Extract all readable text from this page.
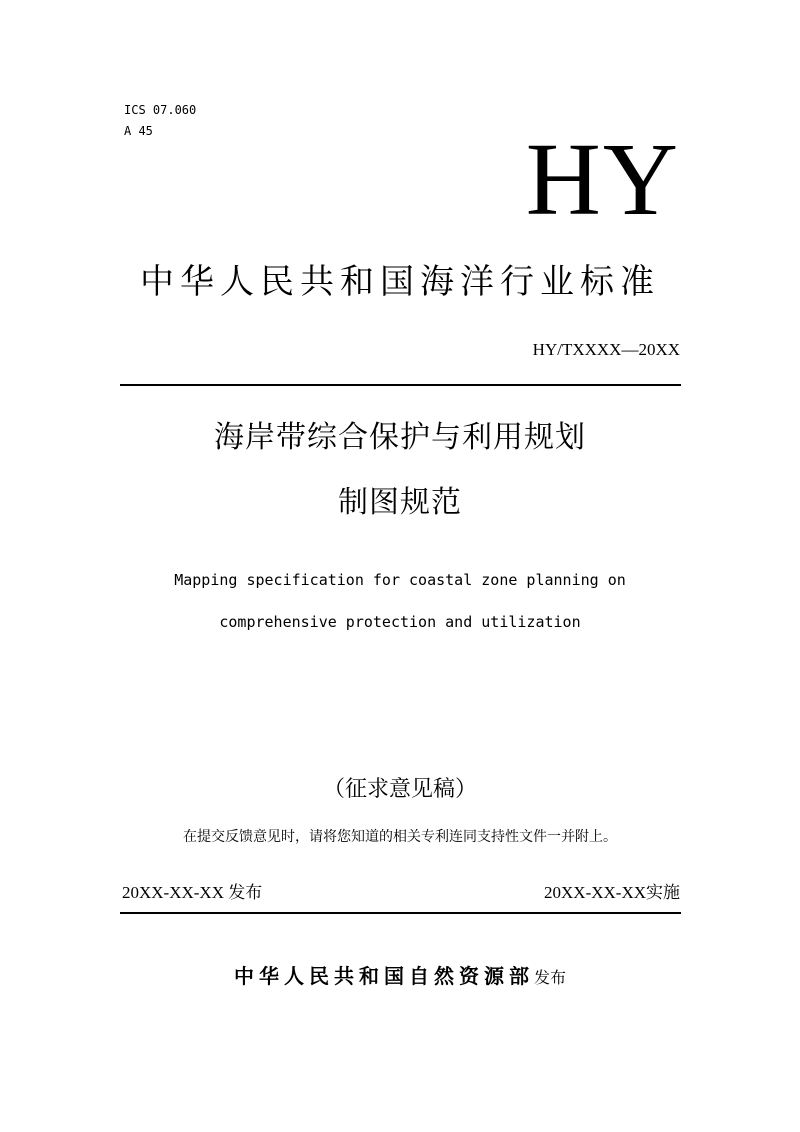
ICS 07.060
A 45	HY
中华人民共和国海洋行业标准
HY/TXXXX—20XX
海岸带综合保护与利用规划
制图规范
Mapping specification for coastal zone planning on
comprehensive protection and utilization
（征求意见稿）
在提交反馈意见时，请将您知道的相关专利连同支持性文件一并附上。
20XX-XX-XX 发布	20XX-XX-XX实施
中华人民共和国自然资源部发布
